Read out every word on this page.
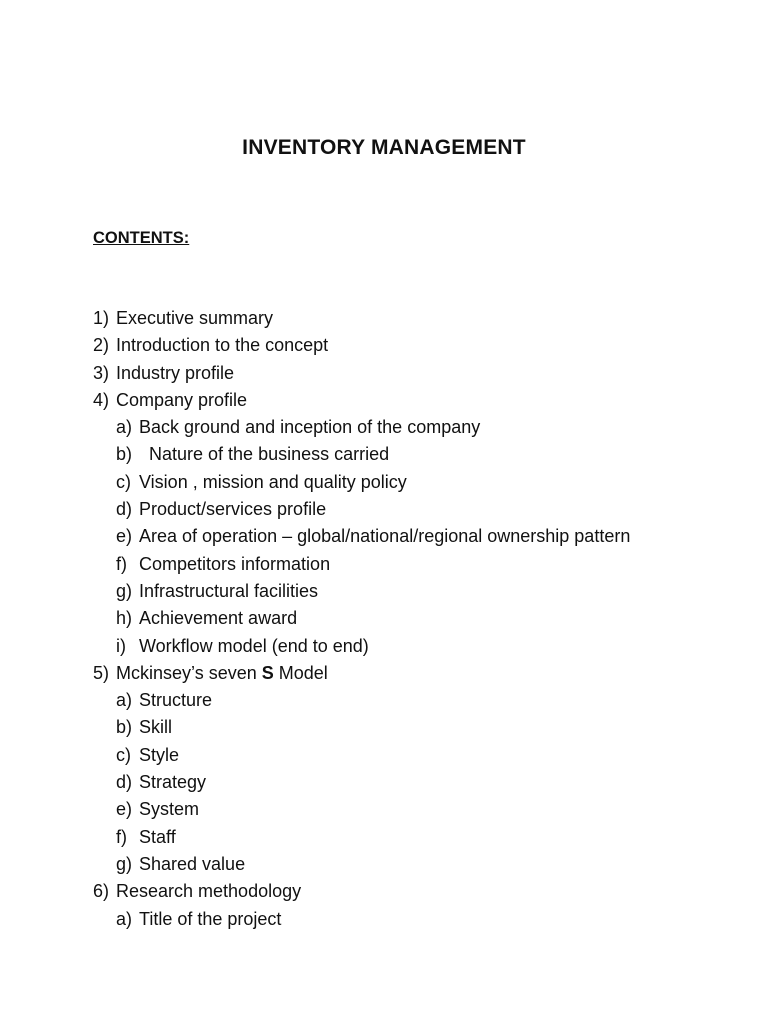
INVENTORY MANAGEMENT
CONTENTS:
1) Executive summary
2) Introduction to the concept
3) Industry profile
4) Company profile
a) Back ground and inception of the company
b) Nature of the business carried
c) Vision , mission and quality policy
d) Product/services profile
e) Area of operation – global/national/regional ownership pattern
f) Competitors information
g) Infrastructural facilities
h) Achievement award
i) Workflow model (end to end)
5) Mckinsey’s seven S Model
a) Structure
b) Skill
c) Style
d) Strategy
e) System
f) Staff
g) Shared value
6) Research methodology
a) Title of the project
